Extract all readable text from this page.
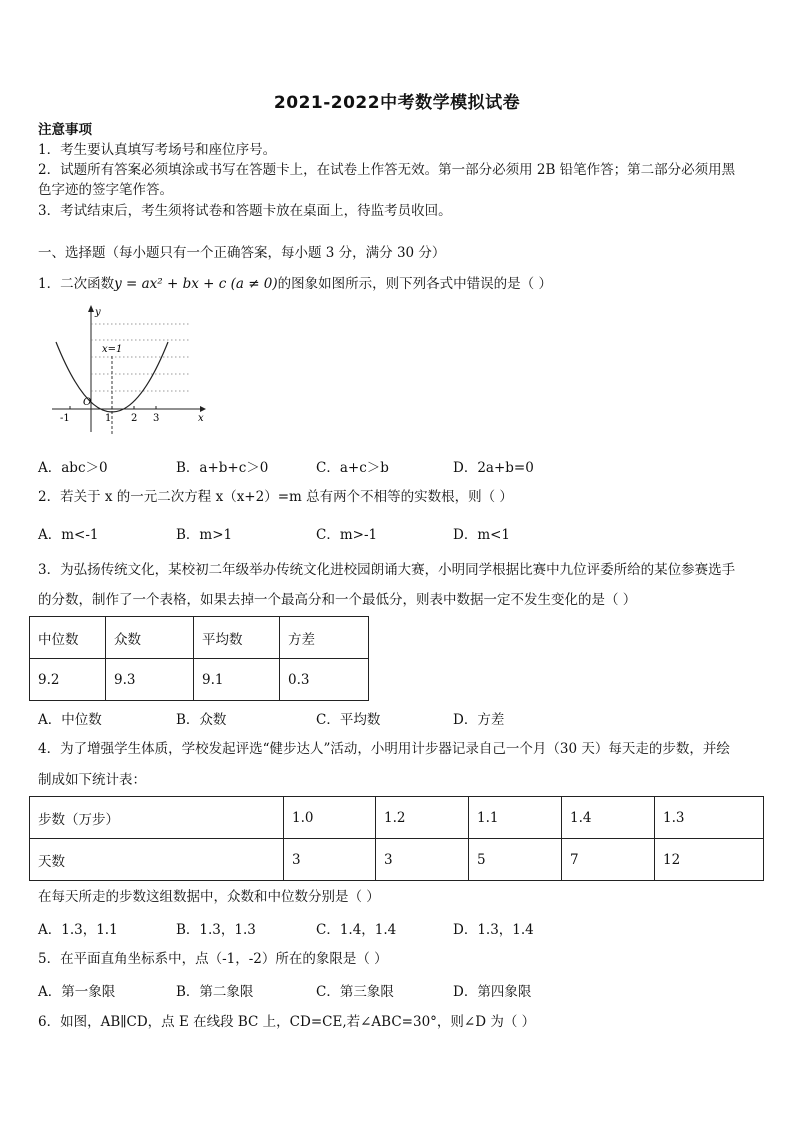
2021-2022中考数学模拟试卷
注意事项
1．考生要认真填写考场号和座位序号。
2．试题所有答案必须填涂或书写在答题卡上，在试卷上作答无效。第一部分必须用 2B 铅笔作答；第二部分必须用黑
色字迹的签字笔作答。
3．考试结束后，考生须将试卷和答题卡放在桌面上，待监考员收回。
一、选择题（每小题只有一个正确答案，每小题 3 分，满分 30 分）
1．二次函数y = ax² + bx + c (a ≠ 0)的图象如图所示，则下列各式中错误的是（ ）
y
x
x=1
O
-1	1 2 3
A．abc＞0	B．a+b+c＞0	C．a+c＞b	D．2a+b=0
2．若关于 x 的一元二次方程 x（x+2）=m 总有两个不相等的实数根，则（ ）
A．m<-1	B．m>1	C．m>-1	D．m<1
3．为弘扬传统文化，某校初二年级举办传统文化进校园朗诵大赛，小明同学根据比赛中九位评委所给的某位参赛选手
的分数，制作了一个表格，如果去掉一个最高分和一个最低分，则表中数据一定不发生变化的是（ ）
中位数	众数	平均数	方差
9.2	9.3	9.1	0.3
A．中位数	B．众数	C．平均数	D．方差
4．为了增强学生体质，学校发起评选“健步达人”活动，小明用计步器记录自己一个月（30 天）每天走的步数，并绘
制成如下统计表：
步数（万步）	1.0	1.2	1.1	1.4	1.3
天数	3	3	5	7	12
在每天所走的步数这组数据中，众数和中位数分别是（ ）
A．1.3，1.1	B．1.3，1.3	C．1.4，1.4	D．1.3，1.4
5．在平面直角坐标系中，点（-1，-2）所在的象限是（ ）
A．第一象限	B．第二象限	C．第三象限	D．第四象限
6．如图，AB∥CD，点 E 在线段 BC 上，CD=CE,若∠ABC=30°，则∠D 为（ ）
